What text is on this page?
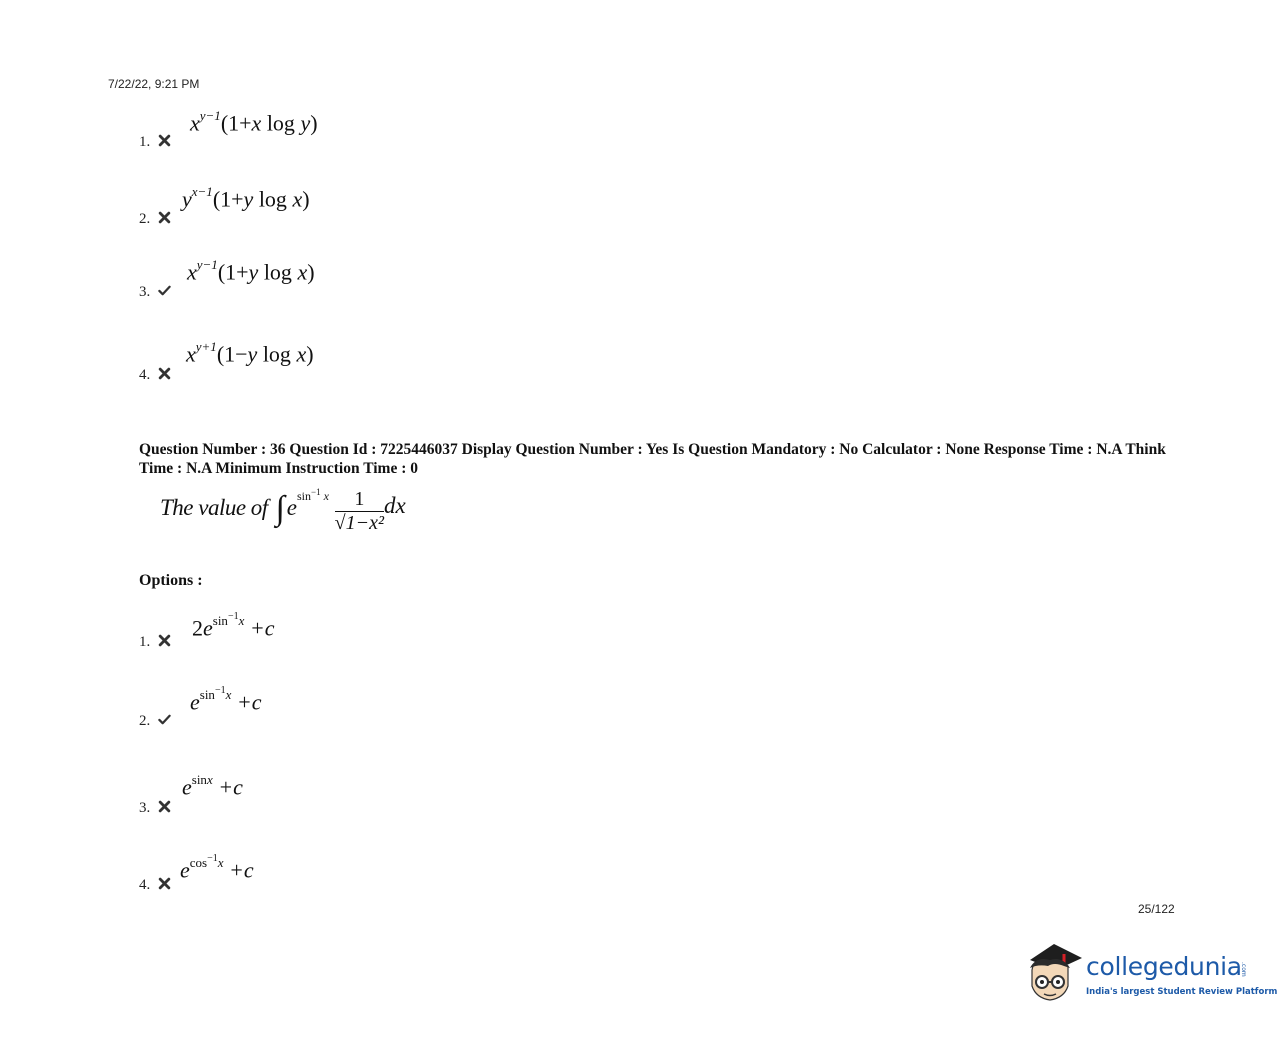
7/22/22, 9:21 PM
1.
$x^{y-1}(1+x$ log y)
2.
$y^{x-1}(1+y$ log x)
3.
$x^{y-1}(1+y$ log x)
4.
$x^{y+1}(1-y$ log x)
Question Number : 36 Question Id : 7225446037 Display Question Number : Yes Is Question Mandatory : No Calculator : None Response Time : N.A Think Time : N.A Minimum Instruction Time : 0
The value of $\int e^{sin^{-1} x} \frac{1}{\text{√1−x²}}$ dx
Options :
1.
$2e^{sin^{-1}x} +c$
2.
$e^{sin^{-1}x} +c$
3.
$e^{sinx} +c$
4.
$e^{cos^{-1}x} +c$
25/122
collegedunia
.com
India's largest Student Review Platform
